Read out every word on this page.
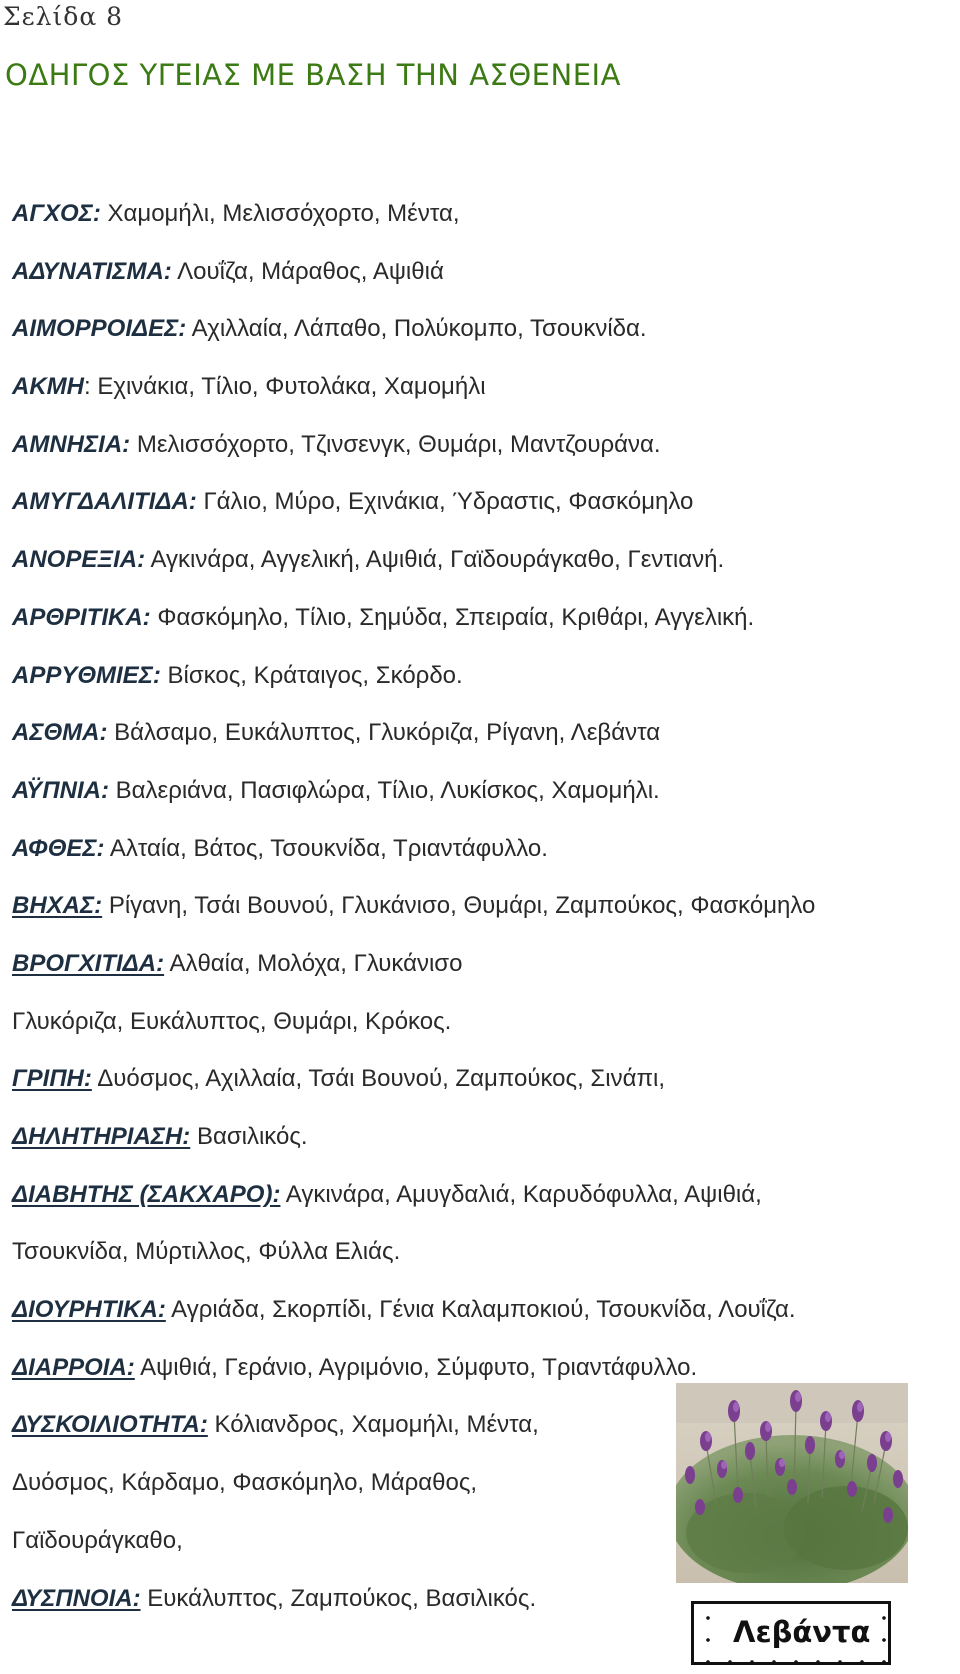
Σελίδα 8
ΟΔΗΓΟΣ ΥΓΕΙΑΣ ΜΕ ΒΑΣΗ ΤΗΝ ΑΣΘΕΝΕΙΑ
ΑΓΧΟΣ: Χαμομήλι, Μελισσόχορτο, Μέντα,
ΑΔΥΝΑΤΙΣΜΑ: Λουΐζα, Μάραθος, Αψιθιά
ΑΙΜΟΡΡΟΙΔΕΣ: Αχιλλαία, Λάπαθο, Πολύκομπο, Τσουκνίδα.
ΑΚΜΗ: Εχινάκια, Τίλιο, Φυτολάκα, Χαμομήλι
ΑΜΝΗΣΙΑ: Μελισσόχορτο, Τζινσενγκ, Θυμάρι, Μαντζουράνα.
ΑΜΥΓΔΑΛΙΤΙΔΑ: Γάλιο, Μύρο, Εχινάκια, Ύδραστις, Φασκόμηλο
ΑΝΟΡΕΞΙΑ: Αγκινάρα, Αγγελική, Αψιθιά, Γαϊδουράγκαθο, Γεντιανή.
ΑΡΘΡΙΤΙΚΑ: Φασκόμηλο, Τίλιο, Σημύδα, Σπειραία, Κριθάρι, Αγγελική.
ΑΡΡΥΘΜΙΕΣ: Βίσκος, Κράταιγος, Σκόρδο.
ΑΣΘΜΑ: Βάλσαμο, Ευκάλυπτος, Γλυκόριζα, Ρίγανη, Λεβάντα
ΑΫΠΝΙΑ: Βαλεριάνα, Πασιφλώρα, Τίλιο, Λυκίσκος, Χαμομήλι.
ΑΦΘΕΣ: Αλταία, Βάτος, Τσουκνίδα, Τριαντάφυλλο.
ΒΗΧΑΣ: Ρίγανη, Τσάι Βουνού, Γλυκάνισο, Θυμάρι, Ζαμπούκος, Φασκόμηλο
ΒΡΟΓΧΙΤΙΔΑ: Αλθαία, Μολόχα, Γλυκάνισο
Γλυκόριζα, Ευκάλυπτος, Θυμάρι, Κρόκος.
ΓΡΙΠΗ: Δυόσμος, Αχιλλαία, Τσάι Βουνού, Ζαμπούκος, Σινάπι,
ΔΗΛΗΤΗΡΙΑΣΗ: Βασιλικός.
ΔΙΑΒΗΤΗΣ (ΣΑΚΧΑΡΟ): Αγκινάρα, Αμυγδαλιά, Καρυδόφυλλα, Αψιθιά,
Τσουκνίδα, Μύρτιλλος, Φύλλα Ελιάς.
ΔΙΟΥΡΗΤΙΚΑ: Αγριάδα, Σκορπίδι, Γένια Καλαμποκιού, Τσουκνίδα, Λουΐζα.
ΔΙΑΡΡΟΙΑ: Αψιθιά, Γεράνιο, Αγριμόνιο, Σύμφυτο, Τριαντάφυλλο.
ΔΥΣΚΟΙΛΙΟΤΗΤΑ: Κόλιανδρος, Χαμομήλι, Μέντα,
Δυόσμος, Κάρδαμο, Φασκόμηλο, Μάραθος,
Γαϊδουράγκαθο,
ΔΥΣΠΝΟΙΑ: Ευκάλυπτος, Ζαμπούκος, Βασιλικός.
Λεβάντα
